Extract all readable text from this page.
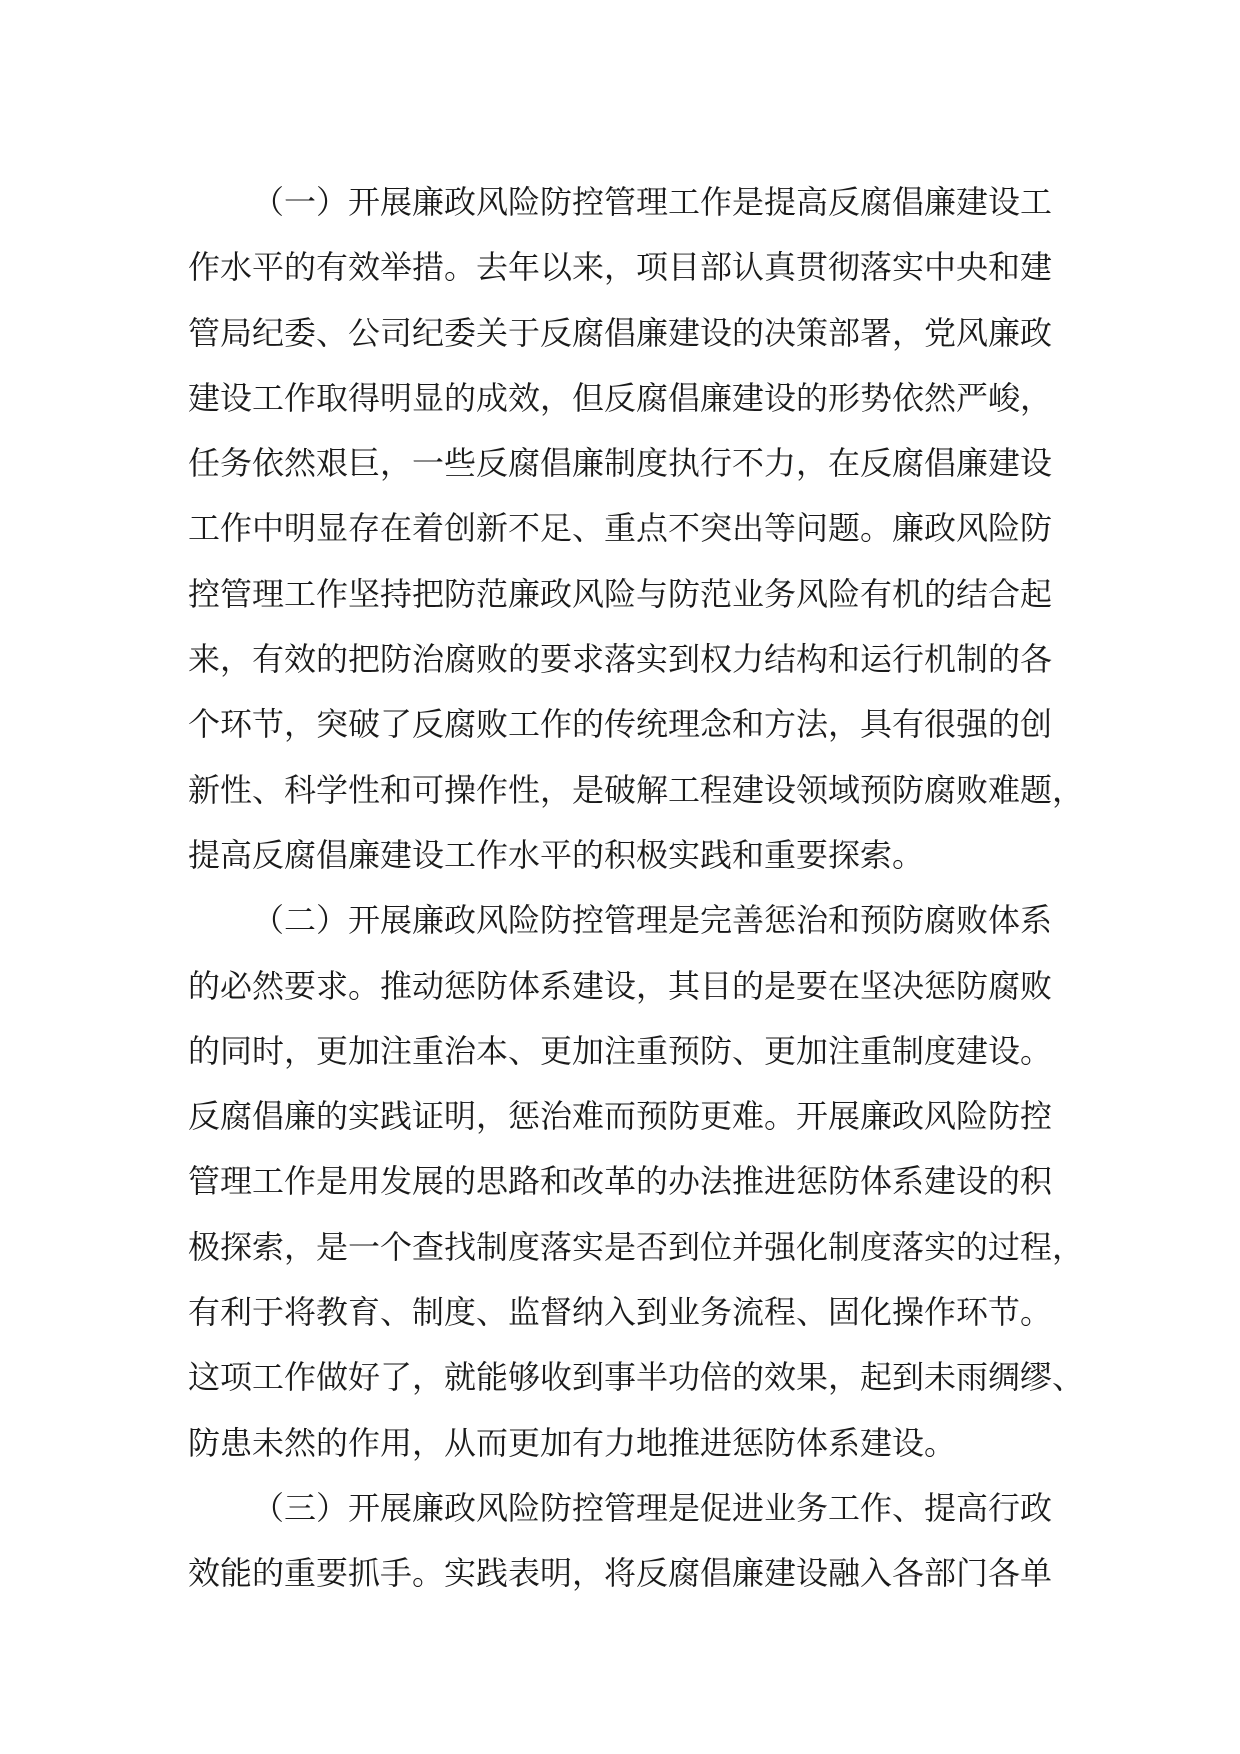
（一）开展廉政风险防控管理工作是提高反腐倡廉建设工
作水平的有效举措。去年以来，项目部认真贯彻落实中央和建
管局纪委、公司纪委关于反腐倡廉建设的决策部署，党风廉政
建设工作取得明显的成效，但反腐倡廉建设的形势依然严峻，
任务依然艰巨，一些反腐倡廉制度执行不力，在反腐倡廉建设
工作中明显存在着创新不足、重点不突出等问题。廉政风险防
控管理工作坚持把防范廉政风险与防范业务风险有机的结合起
来，有效的把防治腐败的要求落实到权力结构和运行机制的各
个环节，突破了反腐败工作的传统理念和方法，具有很强的创
新性、科学性和可操作性，是破解工程建设领域预防腐败难题，
提高反腐倡廉建设工作水平的积极实践和重要探索。
（二）开展廉政风险防控管理是完善惩治和预防腐败体系
的必然要求。推动惩防体系建设，其目的是要在坚决惩防腐败
的同时，更加注重治本、更加注重预防、更加注重制度建设。
反腐倡廉的实践证明，惩治难而预防更难。开展廉政风险防控
管理工作是用发展的思路和改革的办法推进惩防体系建设的积
极探索，是一个查找制度落实是否到位并强化制度落实的过程，
有利于将教育、制度、监督纳入到业务流程、固化操作环节。
这项工作做好了，就能够收到事半功倍的效果，起到未雨绸缪、
防患未然的作用，从而更加有力地推进惩防体系建设。
（三）开展廉政风险防控管理是促进业务工作、提高行政
效能的重要抓手。实践表明，将反腐倡廉建设融入各部门各单
